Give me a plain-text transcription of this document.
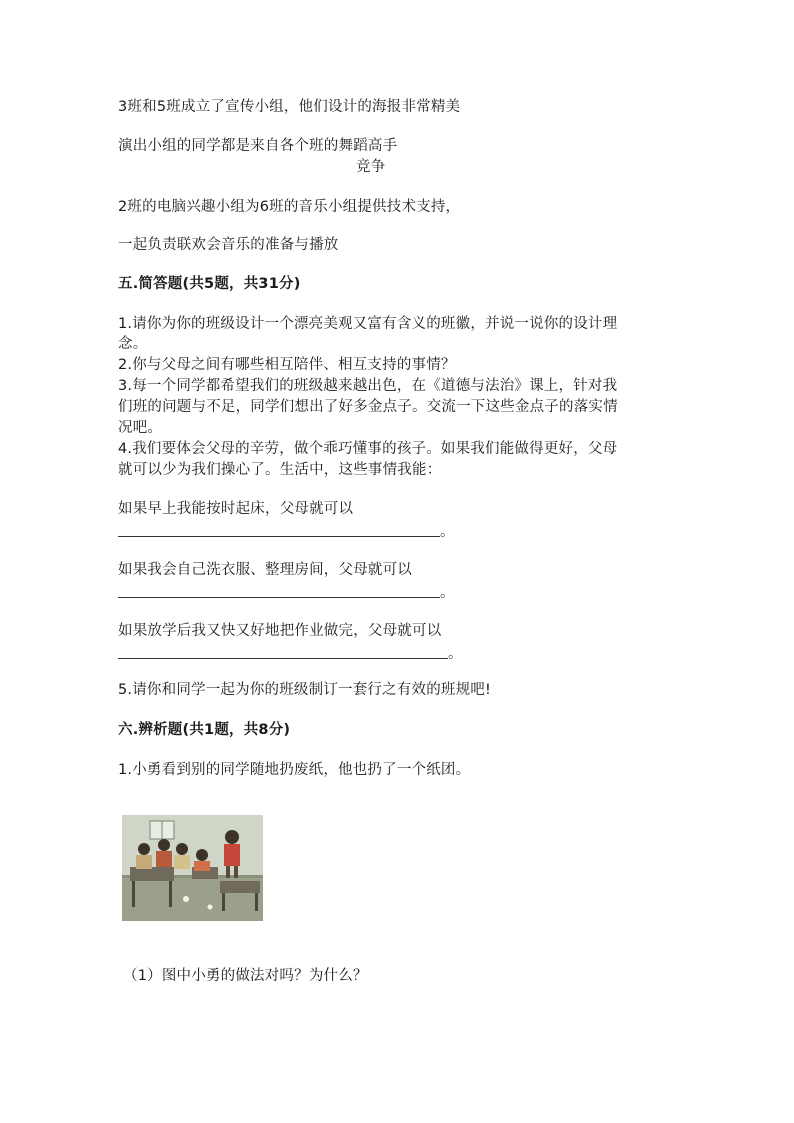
3班和5班成立了宣传小组，他们设计的海报非常精美
演出小组的同学都是来自各个班的舞蹈高手
竞争
2班的电脑兴趣小组为6班的音乐小组提供技术支持，
一起负责联欢会音乐的准备与播放
五.简答题(共5题，共31分)
1.请你为你的班级设计一个漂亮美观又富有含义的班徽，并说一说你的设计理
念。
2.你与父母之间有哪些相互陪伴、相互支持的事情？
3.每一个同学都希望我们的班级越来越出色，在《道德与法治》课上，针对我
们班的问题与不足，同学们想出了好多金点子。交流一下这些金点子的落实情
况吧。
4.我们要体会父母的辛劳，做个乖巧懂事的孩子。如果我们能做得更好，父母
就可以少为我们操心了。生活中，这些事情我能：
如果早上我能按时起床，父母就可以
。
如果我会自己洗衣服、整理房间，父母就可以
。
如果放学后我又快又好地把作业做完，父母就可以
。
5.请你和同学一起为你的班级制订一套行之有效的班规吧!
六.辨析题(共1题，共8分)
1.小勇看到别的同学随地扔废纸，他也扔了一个纸团。
（1）图中小勇的做法对吗？为什么？
